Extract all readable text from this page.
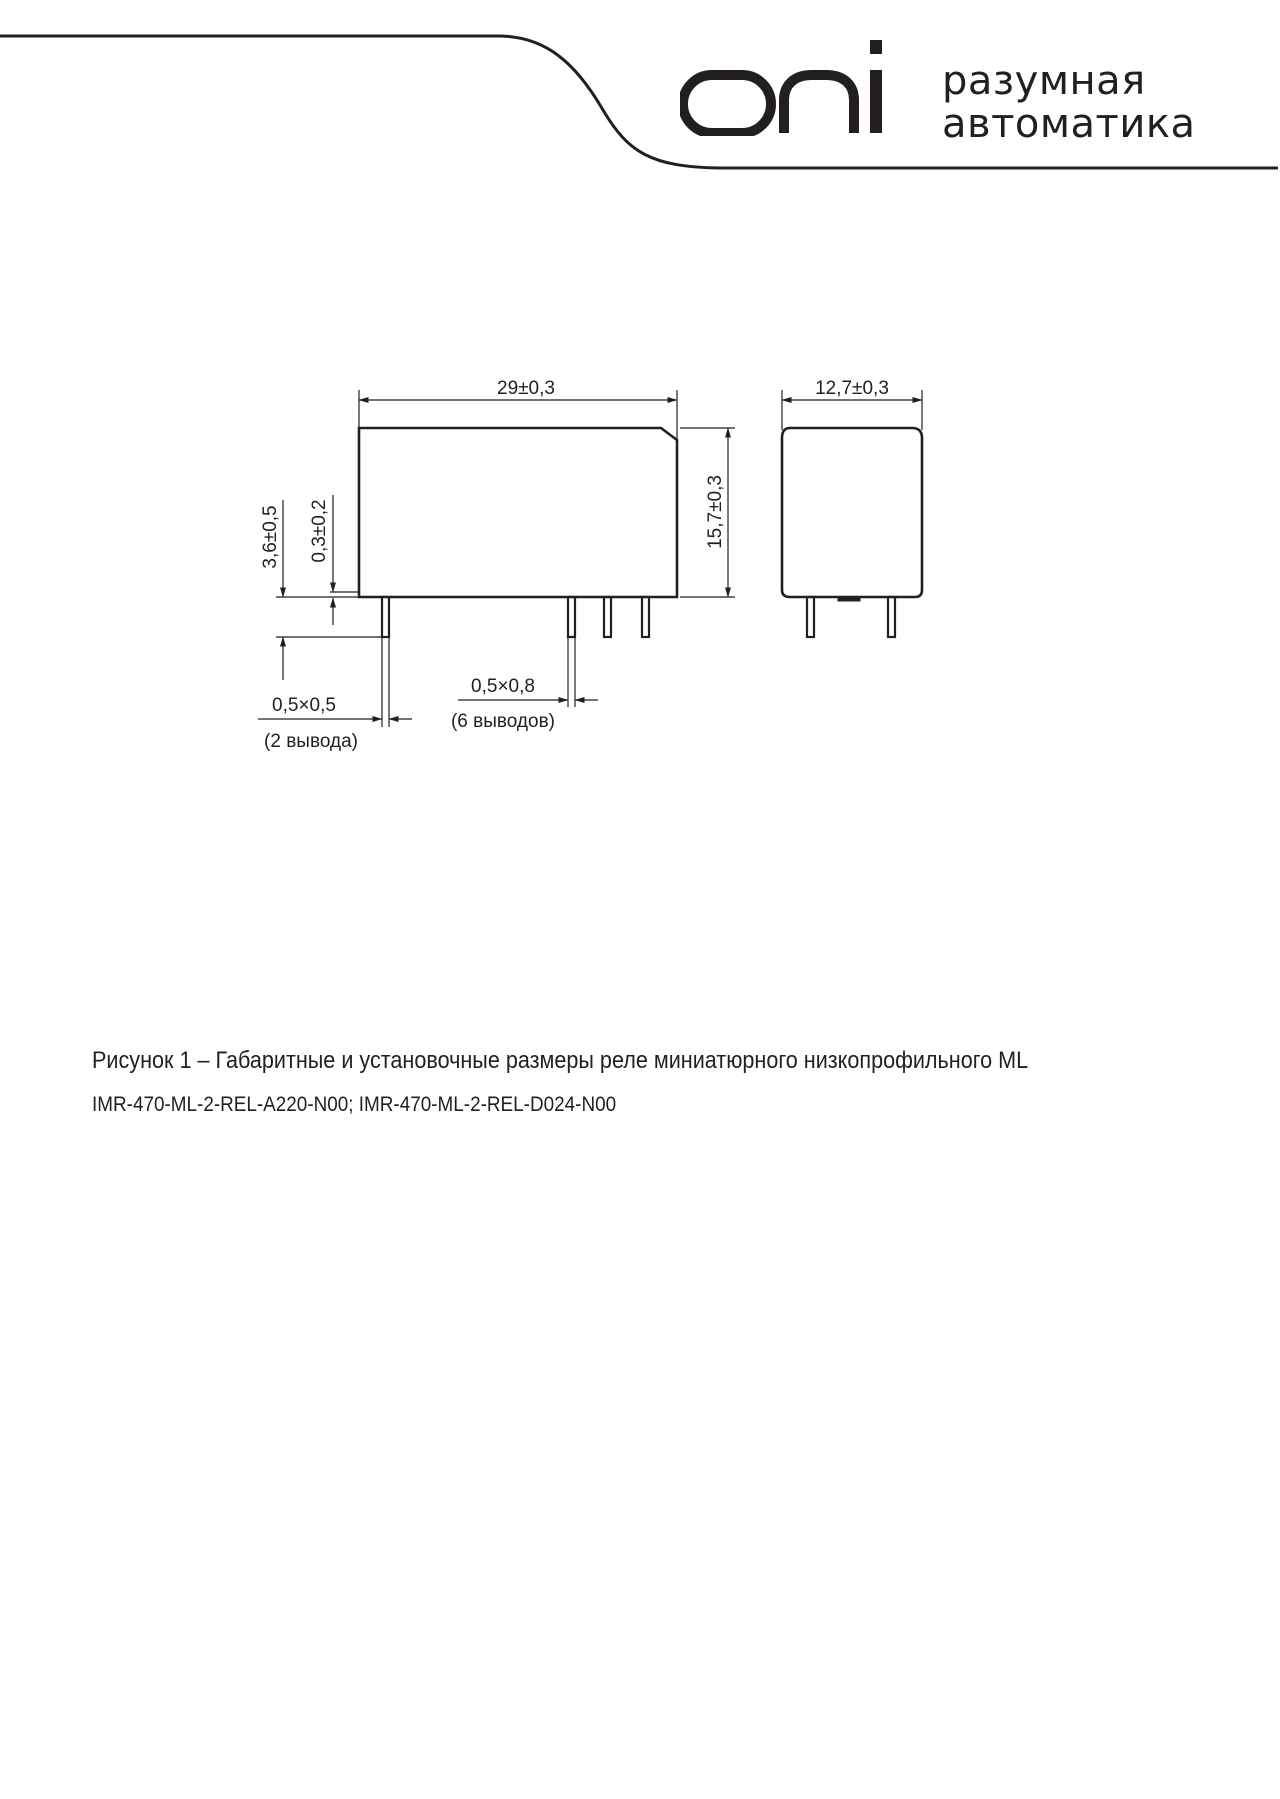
разумная
автоматика
29±0,3	12,7±0,3
15,7±0,3
3,6±0,5 0,3±0,2
0,5×0,5
(2 вывода)
0,5×0,8
(6 выводов)
Рисунок 1 – Габаритные и установочные размеры реле миниатюрного низкопрофильного ML
IMR-470-ML-2-REL-A220-N00; IMR-470-ML-2-REL-D024-N00
